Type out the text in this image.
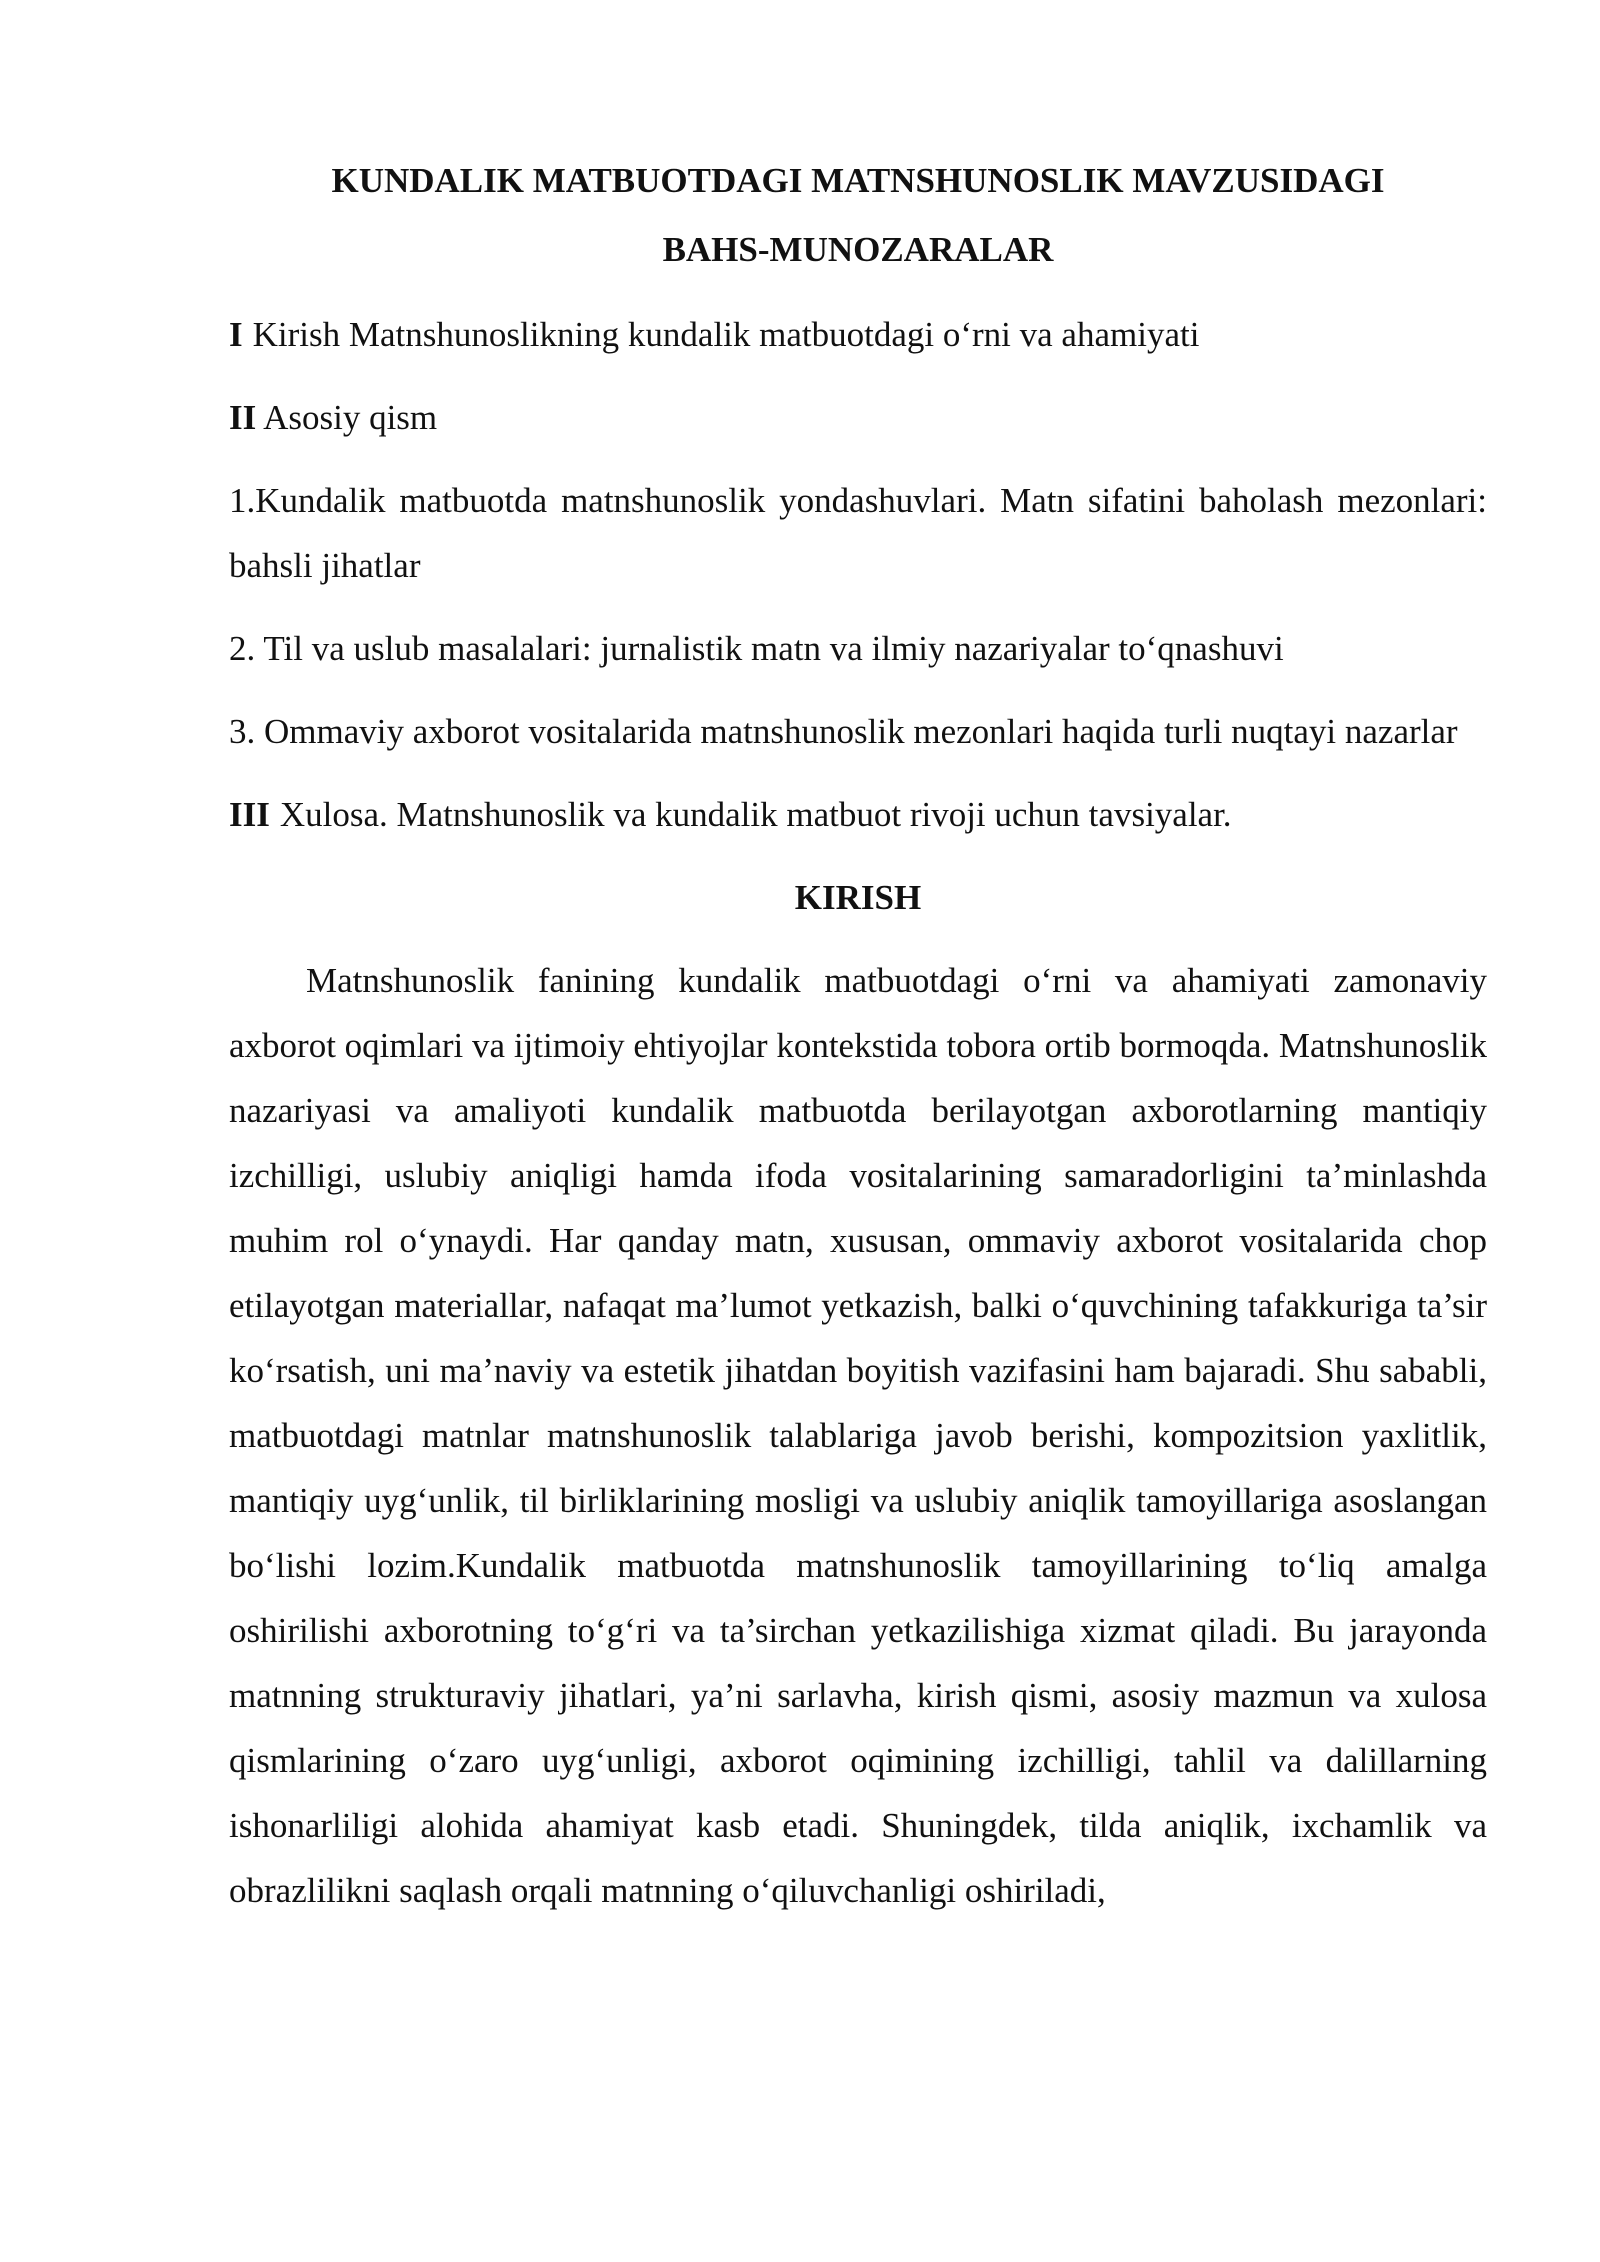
KUNDALIK MATBUOTDAGI MATNSHUNOSLIK MAVZUSIDAGI
BAHS-MUNOZARALAR

I Kirish Matnshunoslikning kundalik matbuotdagi o‘rni va ahamiyati

II Asosiy qism

1.Kundalik matbuotda matnshunoslik yondashuvlari. Matn sifatini baholash mezonlari: bahsli jihatlar

2. Til va uslub masalalari: jurnalistik matn va ilmiy nazariyalar to‘qnashuvi

3. Ommaviy axborot vositalarida matnshunoslik mezonlari haqida turli nuqtayi nazarlar

III Xulosa. Matnshunoslik va kundalik matbuot rivoji uchun tavsiyalar.

KIRISH

Matnshunoslik fanining kundalik matbuotdagi o‘rni va ahamiyati zamonaviy axborot oqimlari va ijtimoiy ehtiyojlar kontekstida tobora ortib bormoqda. Matnshunoslik nazariyasi va amaliyoti kundalik matbuotda berilayotgan axborotlarning mantiqiy izchilligi, uslubiy aniqligi hamda ifoda vositalarining samaradorligini ta’minlashda muhim rol o‘ynaydi. Har qanday matn, xususan, ommaviy axborot vositalarida chop etilayotgan materiallar, nafaqat ma’lumot yetkazish, balki o‘quvchining tafakkuriga ta’sir ko‘rsatish, uni ma’naviy va estetik jihatdan boyitish vazifasini ham bajaradi. Shu sababli, matbuotdagi matnlar matnshunoslik talablariga javob berishi, kompozitsion yaxlitlik, mantiqiy uyg‘unlik, til birliklarining mosligi va uslubiy aniqlik tamoyillariga asoslangan bo‘lishi lozim.Kundalik matbuotda matnshunoslik tamoyillarining to‘liq amalga oshirilishi axborotning to‘g‘ri va ta’sirchan yetkazilishiga xizmat qiladi. Bu jarayonda matnning strukturaviy jihatlari, ya’ni sarlavha, kirish qismi, asosiy mazmun va xulosa qismlarining o‘zaro uyg‘unligi, axborot oqimining izchilligi, tahlil va dalillarning ishonarliligi alohida ahamiyat kasb etadi. Shuningdek, tilda aniqlik, ixchamlik va obrazlilikni saqlash orqali matnning o‘qiluvchanligi oshiriladi,
